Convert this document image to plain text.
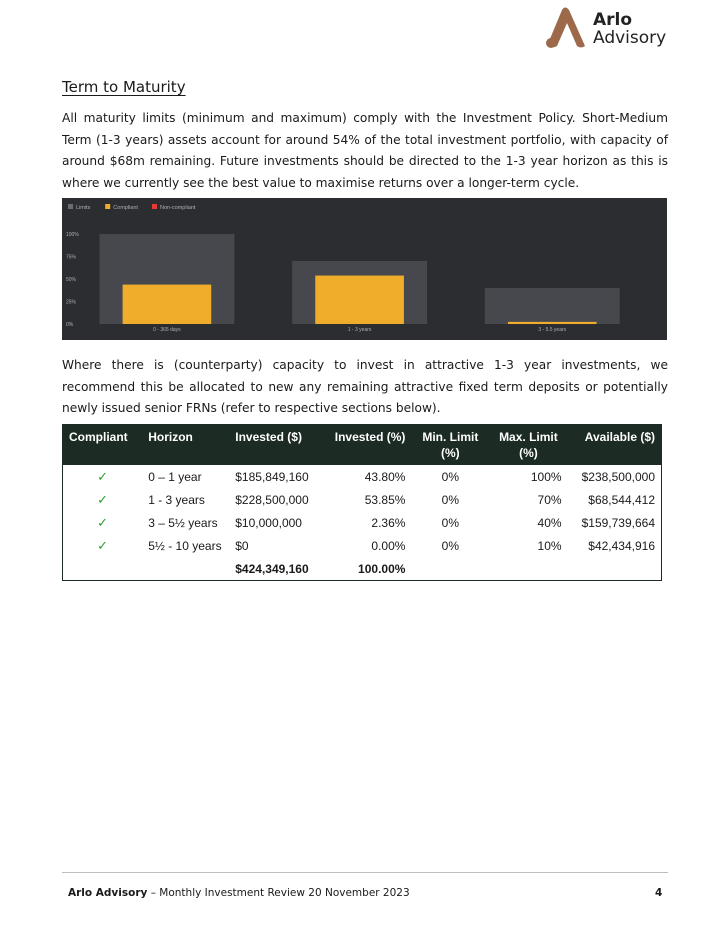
Arlo
Advisory
Term to Maturity

All maturity limits (minimum and maximum) comply with the Investment Policy. Short-Medium Term (1-3 years) assets account for around 54% of the total investment portfolio, with capacity of around $68m remaining. Future investments should be directed to the 1-3 year horizon as this is where we currently see the best value to maximise returns over a longer-term cycle.

Limits	Compliant	Non-compliant
0%
25%
50%
75%
100%
0 - 365 days	1 - 3 years	3 - 5.5 years

Where there is (counterparty) capacity to invest in attractive 1-3 year investments, we recommend this be allocated to new any remaining attractive fixed term deposits or potentially newly issued senior FRNs (refer to respective sections below).

Compliant	Horizon	Invested ($)	Invested (%)	Min. Limit (%)	Max. Limit (%)	Available ($)
✓	0 – 1 year	$185,849,160	43.80%	0%	100%	$238,500,000
✓	1 - 3 years	$228,500,000	53.85%	0%	70%	$68,544,412
✓	3 – 5½ years	$10,000,000	2.36%	0%	40%	$159,739,664
✓	5½ - 10 years	$0	0.00%	0%	10%	$42,434,916
		$424,349,160	100.00%			
Arlo Advisory – Monthly Investment Review 20 November 2023	4
